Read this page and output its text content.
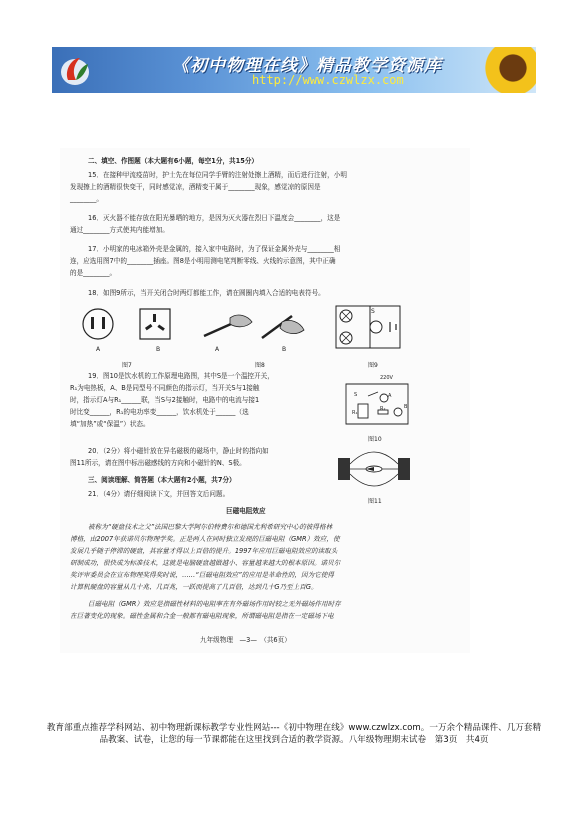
《初中物理在线》精品教学资源库
http://www.czwlzx.com
二、填空、作图题（本大题有6小题，每空1分，共15分）
15．在接种甲流疫苗时，护士先在每位同学手臂的注射处擦上酒精，而后进行注射，小明
发现擦上的酒精很快变干，同时感觉凉，酒精变干属于________现象，感觉凉的原因是
________。
16．灭火器不能存放在阳光暴晒的地方，是因为灭火器在烈日下温度会________，这是
通过________方式使其内能增加。
17．小明家的电冰箱外壳是金属的，接入家中电路时，为了保证金属外壳与________相
连，应选用图7中的________插座。图8是小明用测电笔判断零线、火线的示意图，其中正确
的是________。
18．如图9所示，当开关闭合时两灯都能工作，请在圆圈内填入合适的电表符号。
A	B
图7
A	B
图8
S
图9
19．图10是饮水机的工作原理电路图，其中S是一个温控开关，
R₁为电热板，A、B是同型号不同颜色的指示灯，当开关S与1接触
时，指示灯A与R₁______联，当S与2接触时，电路中的电流与接1
时比变______，R₁的电功率变______，饮水机处于______（选
填“加热”或“保温”）状态。
220V
S
R₁
R₂
A
B
图10
20．（2分）将小磁针放在异名磁极的磁场中，静止时的指向如
图11所示，请在图中标出磁感线的方向和小磁针的N、S极。
图11
三、阅读理解、简答题（本大题有2小题，共7分）
21．（4分）请仔细阅读下文，并回答文后问题。
巨磁电阻效应
被称为“硬盘技术之父”法国巴黎大学阿尔伯特费尔和德国尤利希研究中心的彼得格林
博格，由2007年获诺贝尔物理学奖。正是两人在同时独立发现的巨磁电阻（GMR）效应，使
发展几乎随于停滞的硬盘，其容量才得以上百倍的提升。1997年应用巨磁电阻效应的读取头
研制成功，很快成为标准技术，这就是电脑硬盘越做越小、容量越来越大的根本原因。诺贝尔
奖评审委员会在宣布物理奖得奖时说，……“巨磁电阻效应”的应用是革命性的，因为它使得
计算机硬盘的容量从几十兆、几百兆，一跃而提高了几百倍，达到几十G乃至上百G。
巨磁电阻（GMR）效应是指磁性材料的电阻率在有外磁场作用时较之无外磁场作用时存
在巨著变化的现象。磁性金属和合金一般都有磁电阻现象，所谓磁电阻是指在一定磁场下电
九年级物理　—3—　（共6页）
教育部重点推荐学科网站、初中物理新课标教学专业性网站---《初中物理在线》www.czwlzx.com。一万余个精品课件、几万套精品教案、试卷，让您的每一节课都能在这里找到合适的教学资源。八年级物理期末试卷　第3页　共4页
